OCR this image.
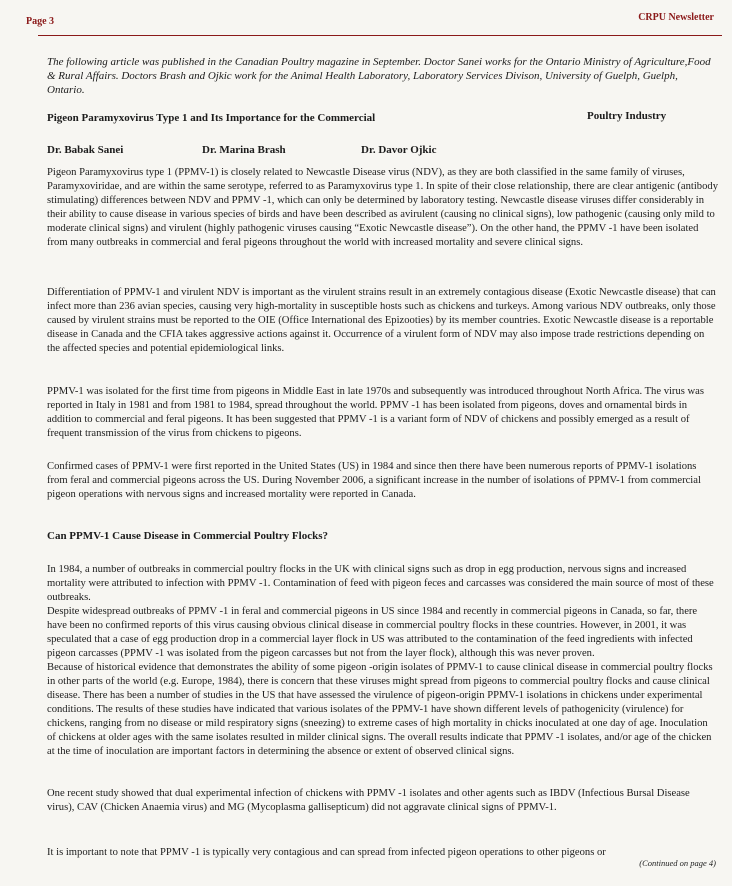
Page 3	CRPU Newsletter
The following article was published in the Canadian Poultry magazine in September. Doctor Sanei works for the Ontario Ministry of Agriculture,Food & Rural Affairs. Doctors Brash and Ojkic work for the Animal Health Laboratory, Laboratory Services Divison, University of Guelph, Guelph, Ontario.
Pigeon Paramyxovirus Type 1 and Its Importance for the Commercial	Poultry Industry
Dr. Babak Sanei	Dr. Marina Brash	Dr. Davor Ojkic
Pigeon Paramyxovirus type 1 (PPMV-1) is closely related to Newcastle Disease virus (NDV), as they are both classified in the same family of viruses, Paramyxoviridae, and are within the same serotype, referred to as Paramyxovirus type 1. In spite of their close relationship, there are clear antigenic (antibody stimulating) differences between NDV and PPMV -1, which can only be determined by laboratory testing. Newcastle disease viruses differ considerably in their ability to cause disease in various species of birds and have been described as avirulent (causing no clinical signs), low pathogenic (causing only mild to moderate clinical signs) and virulent (highly pathogenic viruses causing “Exotic Newcastle disease”). On the other hand, the PPMV -1 have been isolated from many outbreaks in commercial and feral pigeons throughout the world with increased mortality and severe clinical signs.
Differentiation of PPMV-1 and virulent NDV is important as the virulent strains result in an extremely contagious disease (Exotic Newcastle disease) that can infect more than 236 avian species, causing very high-mortality in susceptible hosts such as chickens and turkeys. Among various NDV outbreaks, only those caused by virulent strains must be reported to the OIE (Office International des Epizooties) by its member countries. Exotic Newcastle disease is a reportable disease in Canada and the CFIA takes aggressive actions against it. Occurrence of a virulent form of NDV may also impose trade restrictions depending on the affected species and potential epidemiological links.
PPMV-1 was isolated for the first time from pigeons in Middle East in late 1970s and subsequently was introduced throughout North Africa. The virus was reported in Italy in 1981 and from 1981 to 1984, spread throughout the world. PPMV -1 has been isolated from pigeons, doves and ornamental birds in addition to commercial and feral pigeons. It has been suggested that PPMV -1 is a variant form of NDV of chickens and possibly emerged as a result of frequent transmission of the virus from chickens to pigeons.
Confirmed cases of PPMV-1 were first reported in the United States (US) in 1984 and since then there have been numerous reports of PPMV-1 isolations from feral and commercial pigeons across the US. During November 2006, a significant increase in the number of isolations of PPMV-1 from commercial pigeon operations with nervous signs and increased mortality were reported in Canada.
Can PPMV-1 Cause Disease in Commercial Poultry Flocks?
In 1984, a number of outbreaks in commercial poultry flocks in the UK with clinical signs such as drop in egg production, nervous signs and increased mortality were attributed to infection with PPMV -1. Contamination of feed with pigeon feces and carcasses was considered the main source of most of these outbreaks.
Despite widespread outbreaks of PPMV -1 in feral and commercial pigeons in US since 1984 and recently in commercial pigeons in Canada, so far, there have been no confirmed reports of this virus causing obvious clinical disease in commercial poultry flocks in these countries. However, in 2001, it was speculated that a case of egg production drop in a commercial layer flock in US was attributed to the contamination of the feed ingredients with infected pigeon carcasses (PPMV -1 was isolated from the pigeon carcasses but not from the layer flock), although this was never proven.
Because of historical evidence that demonstrates the ability of some pigeon -origin isolates of PPMV-1 to cause clinical disease in commercial poultry flocks in other parts of the world (e.g. Europe, 1984), there is concern that these viruses might spread from pigeons to commercial poultry flocks and cause clinical disease. There has been a number of studies in the US that have assessed the virulence of pigeon-origin PPMV-1 isolations in chickens under experimental conditions. The results of these studies have indicated that various isolates of the PPMV-1 have shown different levels of pathogenicity (virulence) for chickens, ranging from no disease or mild respiratory signs (sneezing) to extreme cases of high mortality in chicks inoculated at one day of age. Inoculation of chickens at older ages with the same isolates resulted in milder clinical signs. The overall results indicate that PPMV -1 isolates, and/or age of the chicken at the time of inoculation are important factors in determining the absence or extent of observed clinical signs.
One recent study showed that dual experimental infection of chickens with PPMV -1 isolates and other agents such as IBDV (Infectious Bursal Disease virus), CAV (Chicken Anaemia virus) and MG (Mycoplasma gallisepticum) did not aggravate clinical signs of PPMV-1.
It is important to note that PPMV -1 is typically very contagious and can spread from infected pigeon operations to other pigeons or
(Continued on page 4)
